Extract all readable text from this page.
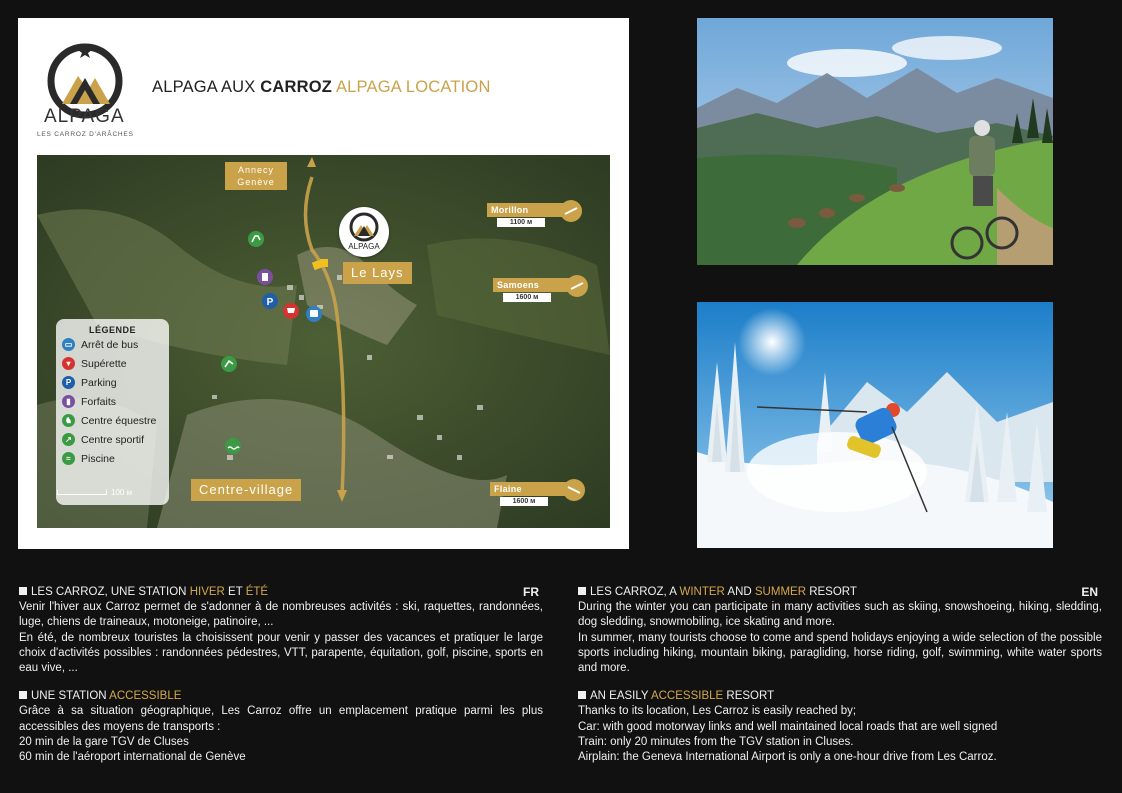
ALPAGA
LES CARROZ D'ARÂCHES
ALPAGA AUX CARROZ ALPAGA LOCATION
P
ALPAGA
Annecy
Genève
Le Lays
Centre-village
Morillon
1100 м
Samoens
1600 м
Flaine
1600 м
LÉGENDE
▭ Arrêt de bus
▾	Supérette
P Parking
▮ Forfaits
♞ Centre équestre
↗ Centre sportif
≈ Piscine
100 м
LES CARROZ, UNE STATION HIVER ET ÉTÉ	FR

Venir l'hiver aux Carroz permet de s'adonner à de nombreuses activités : ski, raquettes, randonnées, luge, chiens de traineaux, motoneige, patinoire, ...

En été, de nombreux touristes la choisissent pour venir y passer des vacances et pratiquer le large choix d'activités possibles : randonnées pédestres, VTT, parapente, équitation, golf, piscine, sports en eau vive, ...

UNE STATION ACCESSIBLE

Grâce à sa situation géographique, Les Carroz offre un emplacement pratique parmi les plus accessibles des moyens de transports :

20 min de la gare TGV de Cluses

60 min de l'aéroport international de Genève

LES CARROZ, A WINTER AND SUMMER RESORT	EN

During the winter you can participate in many activities such as skiing, snowshoeing, hiking, sledding, dog sledding, snowmobiling, ice skating and more.

In summer, many tourists choose to come and spend holidays enjoying a wide selection of the possible sports including hiking, mountain biking, paragliding, horse riding, golf, swimming, white water sports and more.

AN EASILY ACCESSIBLE RESORT

Thanks to its location, Les Carroz is easily reached by;

Car: with good motorway links and well maintained local roads that are well signed

Train: only 20 minutes from the TGV station in Cluses.

Airplain: the Geneva International Airport is only a one-hour drive from Les Carroz.
